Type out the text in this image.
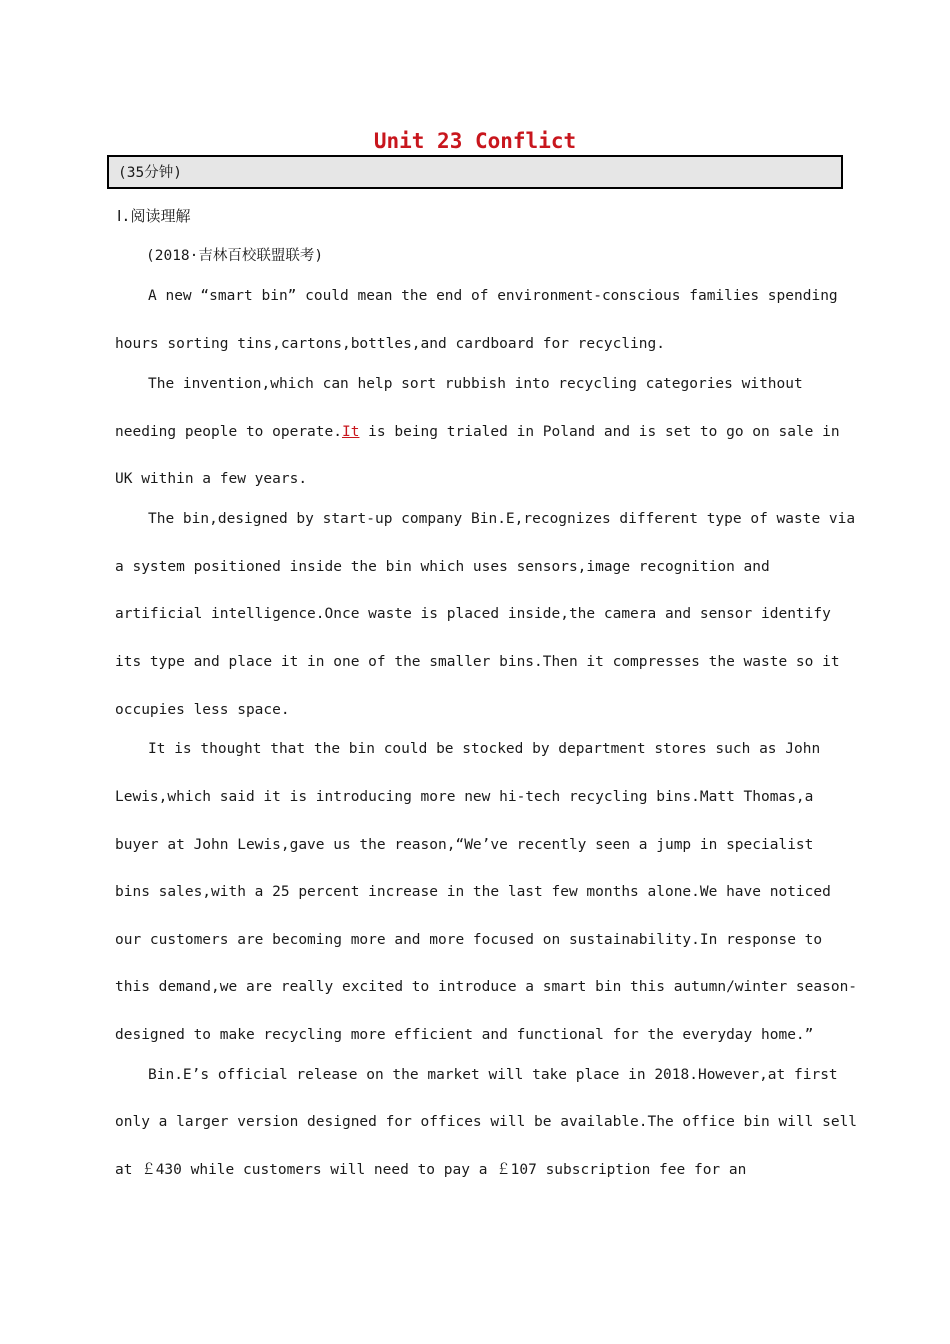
Unit 23 Conflict
(35分钟)
Ⅰ.阅读理解
(2018·吉林百校联盟联考)
A new “smart bin” could mean the end of environment-conscious families spending
hours sorting tins,cartons,bottles,and cardboard for recycling.
The invention,which can help sort rubbish into recycling categories without
needing people to operate.It is being trialed in Poland and is set to go on sale in
UK within a few years.
The bin,designed by start-up company Bin.E,recognizes different type of waste via
a system positioned inside the bin which uses sensors,image recognition and
artificial intelligence.Once waste is placed inside,the camera and sensor identify
its type and place it in one of the smaller bins.Then it compresses the waste so it
occupies less space.
It is thought that the bin could be stocked by department stores such as John
Lewis,which said it is introducing more new hi-tech recycling bins.Matt Thomas,a
buyer at John Lewis,gave us the reason,“We’ve recently seen a jump in specialist
bins sales,with a 25 percent increase in the last few months alone.We have noticed
our customers are becoming more and more focused on sustainability.In response to
this demand,we are really excited to introduce a smart bin this autumn/winter season-
designed to make recycling more efficient and functional for the everyday home.”
Bin.E’s official release on the market will take place in 2018.However,at first
only a larger version designed for offices will be available.The office bin will sell
at ￡430 while customers will need to pay a ￡107 subscription fee for an
